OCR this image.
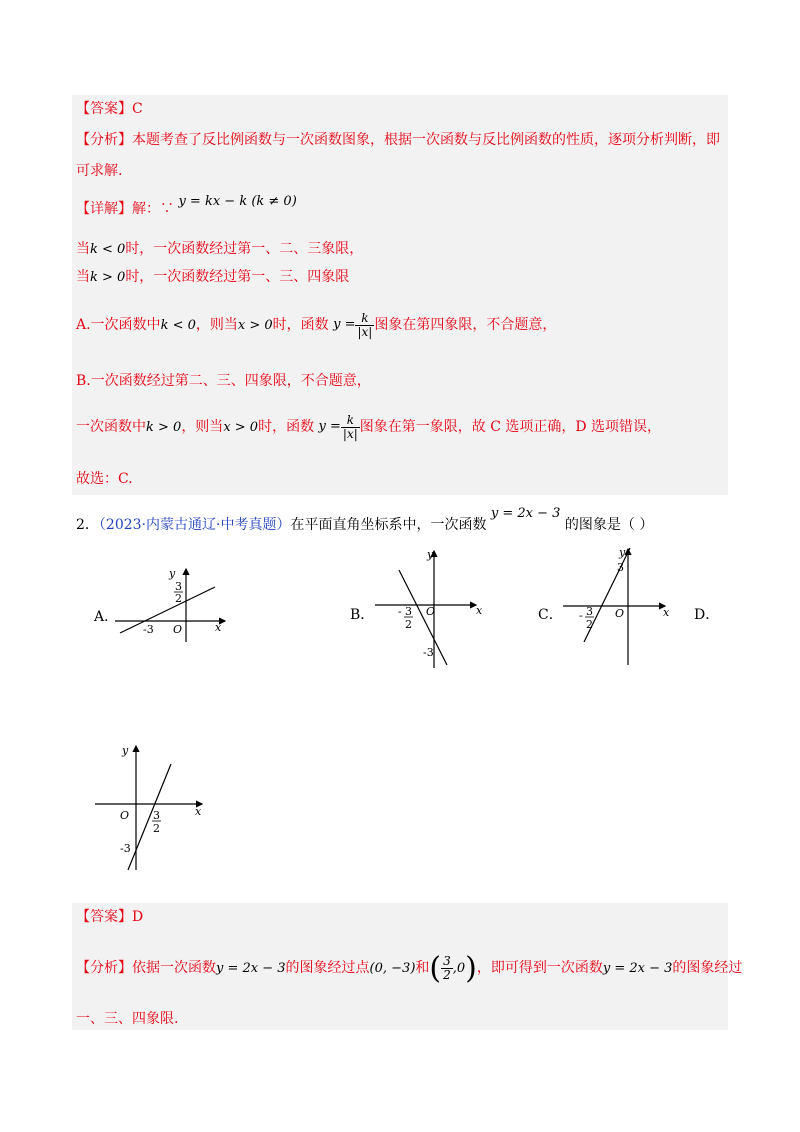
【答案】C
【分析】本题考查了反比例函数与一次函数图象，根据一次函数与反比例函数的性质，逐项分析判断，即
可求解.
【详解】解：∵ y = kx − k (k ≠ 0)
当k < 0时，一次函数经过第一、二、三象限，
当k > 0时，一次函数经过第一、三、四象限
A.一次函数中k < 0，则当x > 0时，函数 $y = \frac{k}{|x|}$ 图象在第四象限，不合题意，
B.一次函数经过第二、三、四象限，不合题意，
一次函数中k > 0，则当x > 0时，函数 $y = \frac{k}{|x|}$ 图象在第一象限，故 C 选项正确，D 选项错误，
故选：C.
2．（2023·内蒙古通辽·中考真题）在平面直角坐标系中，一次函数 y = 2x − 3 的图象是（ ）
A．	B．	C．	D．
y
3
2
-3 O	x
y
- 3
2
O
-3
x
y
3
- 3
2
O	x
y
O 3
2
-3
x
【答案】D
【分析】依据一次函数y = 2x − 3的图象经过点(0, −3)和( $\frac{3}{2} ,0$)，即可得到一次函数y = 2x − 3的图象经过
一、三、四象限.
